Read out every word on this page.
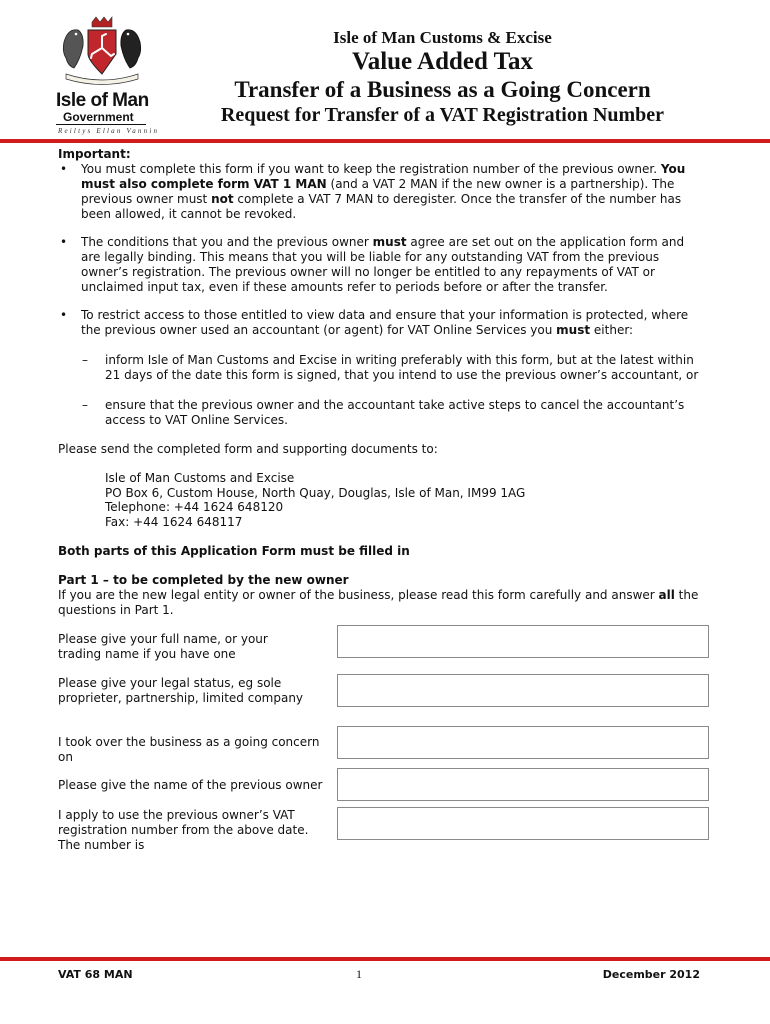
Isle of Man
Government
Reiltys Ellan Vannin
Isle of Man Customs & Excise
Value Added Tax
Transfer of a Business as a Going Concern
Request for Transfer of a VAT Registration Number
Important:
• You must complete this form if you want to keep the registration number of the previous owner. You must also complete form VAT 1 MAN (and a VAT 2 MAN if the new owner is a partnership). The previous owner must not complete a VAT 7 MAN to deregister. Once the transfer of the number has been allowed, it cannot be revoked.
• The conditions that you and the previous owner must agree are set out on the application form and are legally binding. This means that you will be liable for any outstanding VAT from the previous owner’s registration. The previous owner will no longer be entitled to any repayments of VAT or unclaimed input tax, even if these amounts refer to periods before or after the transfer.
• To restrict access to those entitled to view data and ensure that your information is protected, where the previous owner used an accountant (or agent) for VAT Online Services you must either:
– inform Isle of Man Customs and Excise in writing preferably with this form, but at the latest within 21 days of the date this form is signed, that you intend to use the previous owner’s accountant, or
– ensure that the previous owner and the accountant take active steps to cancel the accountant’s access to VAT Online Services.
Please send the completed form and supporting documents to:
Isle of Man Customs and Excise
PO Box 6, Custom House, North Quay, Douglas, Isle of Man, IM99 1AG
Telephone: +44 1624 648120
Fax: +44 1624 648117
Both parts of this Application Form must be filled in
Part 1 – to be completed by the new owner
If you are the new legal entity or owner of the business, please read this form carefully and answer all the questions in Part 1.
Please give your full name, or your trading name if you have one
Please give your legal status, eg sole proprieter, partnership, limited company
I took over the business as a going concern on
Please give the name of the previous owner
I apply to use the previous owner’s VAT registration number from the above date. The number is
VAT 68 MAN	1	December 2012
